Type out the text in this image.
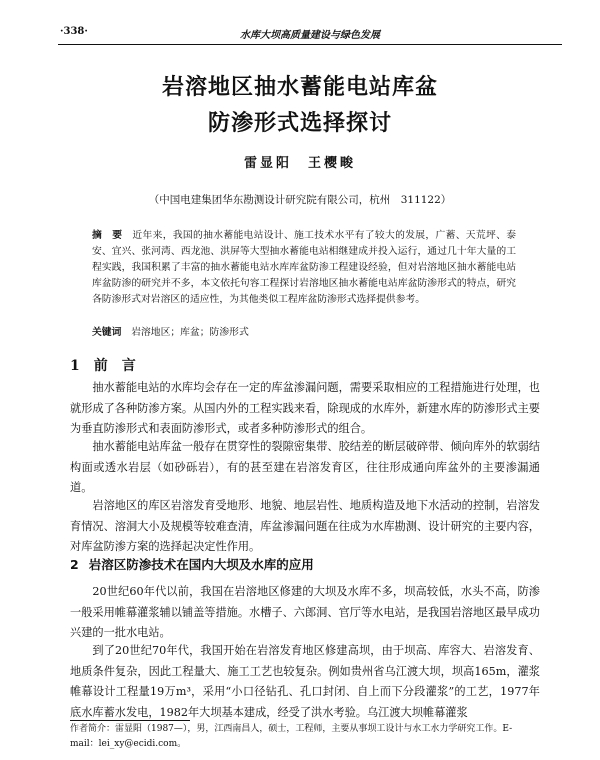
·338·	水库大坝高质量建设与绿色发展
岩溶地区抽水蓄能电站库盆
防渗形式选择探讨
雷显阳　王樱畯
（中国电建集团华东勘测设计研究院有限公司，杭州　311122）
摘　要　 近年来，我国的抽水蓄能电站设计、施工技术水平有了较大的发展，广蓄、天荒坪、泰安、宜兴、张河湾、西龙池、洪屏等大型抽水蓄能电站相继建成并投入运行，通过几十年大量的工程实践，我国积累了丰富的抽水蓄能电站水库库盆防渗工程建设经验，但对岩溶地区抽水蓄能电站库盆防渗的研究并不多，本文依托句容工程探讨岩溶地区抽水蓄能电站库盆防渗形式的特点，研究各防渗形式对岩溶区的适应性，为其他类似工程库盆防渗形式选择提供参考。
关键词　 岩溶地区；库盆；防渗形式
1 前　言

抽水蓄能电站的水库均会存在一定的库盆渗漏问题，需要采取相应的工程措施进行处理，也就形成了各种防渗方案。从国内外的工程实践来看，除现成的水库外，新建水库的防渗形式主要为垂直防渗形式和表面防渗形式，或者多种防渗形式的组合。

抽水蓄能电站库盆一般存在贯穿性的裂隙密集带、胶结差的断层破碎带、倾向库外的软弱结构面或透水岩层（如砂砾岩），有的甚至建在岩溶发育区，往往形成通向库盆外的主要渗漏通道。

岩溶地区的库区岩溶发育受地形、地貌、地层岩性、地质构造及地下水活动的控制，岩溶发育情况、溶洞大小及规模等较难查清，库盆渗漏问题在往成为水库勘测、设计研究的主要内容，对库盆防渗方案的选择起决定性作用。

2 岩溶区防渗技术在国内大坝及水库的应用

20世纪60年代以前，我国在岩溶地区修建的大坝及水库不多，坝高较低，水头不高，防渗一般采用帷幕灌浆辅以铺盖等措施。水槽子、六郎洞、官厅等水电站，是我国岩溶地区最早成功兴建的一批水电站。

到了20世纪70年代，我国开始在岩溶发育地区修建高坝，由于坝高、库容大、岩溶发育、地质条件复杂，因此工程量大、施工工艺也较复杂。例如贵州省乌江渡大坝，坝高165m，灌浆帷幕设计工程量19万m³，采用“小口径钻孔、孔口封闭、自上而下分段灌浆”的工艺，1977年底水库蓄水发电，1982年大坝基本建成，经受了洪水考验。乌江渡大坝帷幕灌浆

作者简介：雷显阳（1987—），男，江西南昌人，硕士，工程师，主要从事坝工设计与水工水力学研究工作。E-mail：lei_xy@ecidi.com。
